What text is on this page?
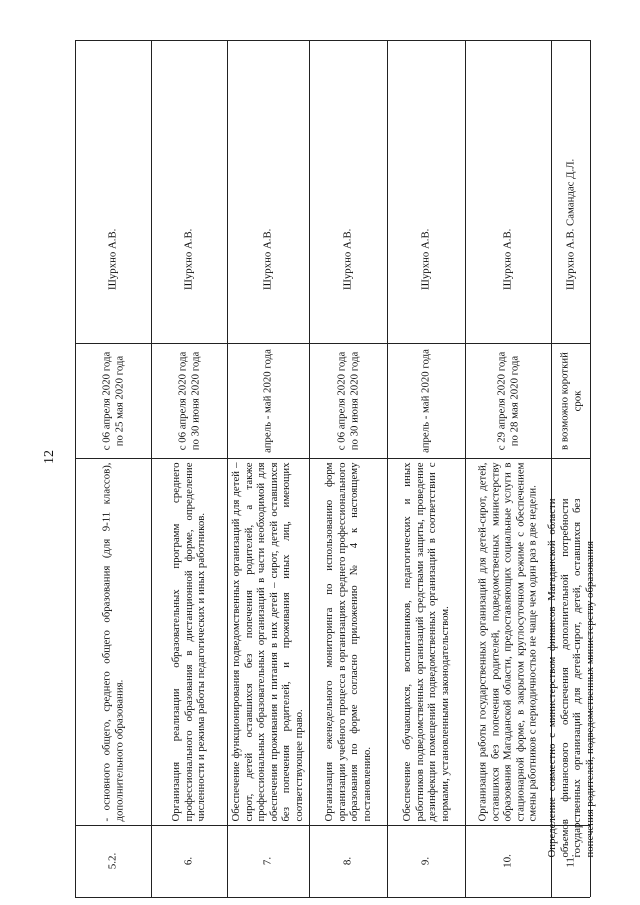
12
5.2.
- основного общего, среднего общего образования (для 9-11 классов), дополнительного образования.
с 06 апреля 2020 года по 25 мая 2020 года
Шурхно А.В.
6.
Организация реализации образовательных программ среднего профессионального образования в дистанционной форме, определение численности и режима работы педагогических и иных работников.
с 06 апреля 2020 года по 30 июня 2020 года
Шурхно А.В.
7.
Обеспечение функционирования подведомственных организаций для детей – сирот, детей оставшихся без попечения родителей, а также профессиональных образовательных организаций в части необходимой для обеспечения проживания и питания в них детей – сирот, детей оставшихся без попечения родителей, и проживания иных лиц, имеющих соответствующее право.
апрель - май 2020 года
Шурхно А.В.
8.
Организация еженедельного мониторинга по использованию форм организации учебного процесса в организациях среднего профессионального образования по форме согласно приложению № 4 к настоящему постановлению.
с 06 апреля 2020 года по 30 июня 2020 года
Шурхно А.В.
9.
Обеспечение обучающихся, воспитанников, педагогических и иных работников подведомственных организаций средствами защиты, проведение дезинфекции помещений подведомственных организаций в соответствии с нормами, установленными законодательством.
апрель - май 2020 года
Шурхно А.В.
10.
Организация работы государственных организаций для детей-сирот, детей, оставшихся без попечения родителей, подведомственных министерству образования Магаданской области, предоставляющих социальные услуги в стационарной форме, в закрытом круглосуточном режиме с обеспечением смены работников с периодичностью не чаще чем один раз в две недели.
с 29 апреля 2020 года по 28 мая 2020 года
Шурхно А.В.
11.
Определение совместно с министерством финансов Магаданской области объемов финансового обеспечения дополнительной потребности государственных организаций для детей-сирот, детей, оставшихся без попечения родителей, подведомственных министерству образования
в возможно короткий срок
Шурхно А.В. Самандас Д.Л.
